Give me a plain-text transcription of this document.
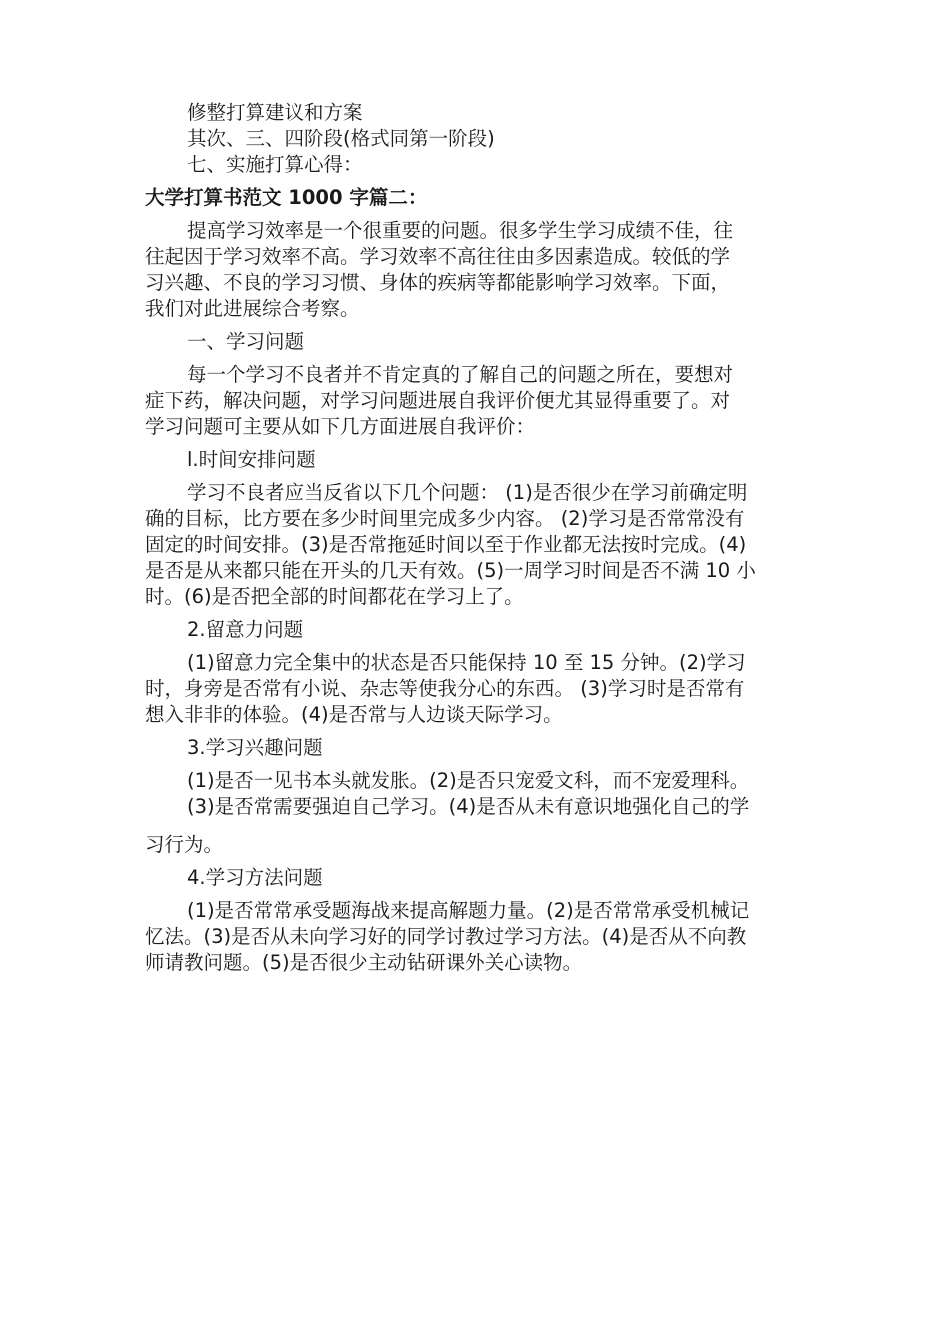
修整打算建议和方案

其次、三、四阶段(格式同第一阶段)

七、实施打算心得：

大学打算书范文 1000 字篇二：

提高学习效率是一个很重要的问题。很多学生学习成绩不佳，往

往起因于学习效率不高。学习效率不高往往由多因素造成。较低的学

习兴趣、不良的学习习惯、身体的疾病等都能影响学习效率。下面，

我们对此进展综合考察。

一、学习问题

每一个学习不良者并不肯定真的了解自己的问题之所在，要想对

症下药，解决问题，对学习问题进展自我评价便尤其显得重要了。对

学习问题可主要从如下几方面进展自我评价：

l.时间安排问题

学习不良者应当反省以下几个问题： (1)是否很少在学习前确定明

确的目标，比方要在多少时间里完成多少内容。 (2)学习是否常常没有

固定的时间安排。(3)是否常拖延时间以至于作业都无法按时完成。(4)

是否是从来都只能在开头的几天有效。(5)一周学习时间是否不满 10 小

时。(6)是否把全部的时间都花在学习上了。

2.留意力问题

(1)留意力完全集中的状态是否只能保持 10 至 15 分钟。(2)学习

时，身旁是否常有小说、杂志等使我分心的东西。 (3)学习时是否常有

想入非非的体验。(4)是否常与人边谈天际学习。

3.学习兴趣问题

(1)是否一见书本头就发胀。(2)是否只宠爱文科，而不宠爱理科。

(3)是否常需要强迫自己学习。(4)是否从未有意识地强化自己的学

习行为。

4.学习方法问题

(1)是否常常承受题海战来提高解题力量。(2)是否常常承受机械记

忆法。(3)是否从未向学习好的同学讨教过学习方法。(4)是否从不向教

师请教问题。(5)是否很少主动钻研课外关心读物。
